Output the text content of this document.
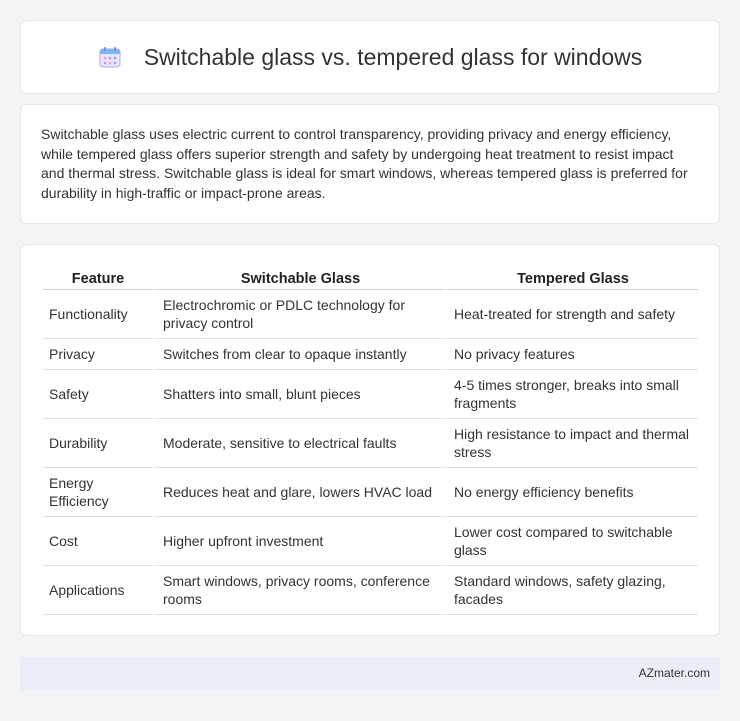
Switchable glass vs. tempered glass for windows

Switchable glass uses electric current to control transparency, providing privacy and energy efficiency, while tempered glass offers superior strength and safety by undergoing heat treatment to resist impact and thermal stress. Switchable glass is ideal for smart windows, whereas tempered glass is preferred for durability in high-traffic or impact-prone areas.

Feature	Switchable Glass	Tempered Glass
Functionality	Electrochromic or PDLC technology for privacy control	Heat-treated for strength and safety
Privacy	Switches from clear to opaque instantly	No privacy features
Safety	Shatters into small, blunt pieces	4-5 times stronger, breaks into small fragments
Durability	Moderate, sensitive to electrical faults	High resistance to impact and thermal stress
Energy Efficiency	Reduces heat and glare, lowers HVAC load	No energy efficiency benefits
Cost	Higher upfront investment	Lower cost compared to switchable glass
Applications	Smart windows, privacy rooms, conference rooms	Standard windows, safety glazing, facades
AZmater.com
